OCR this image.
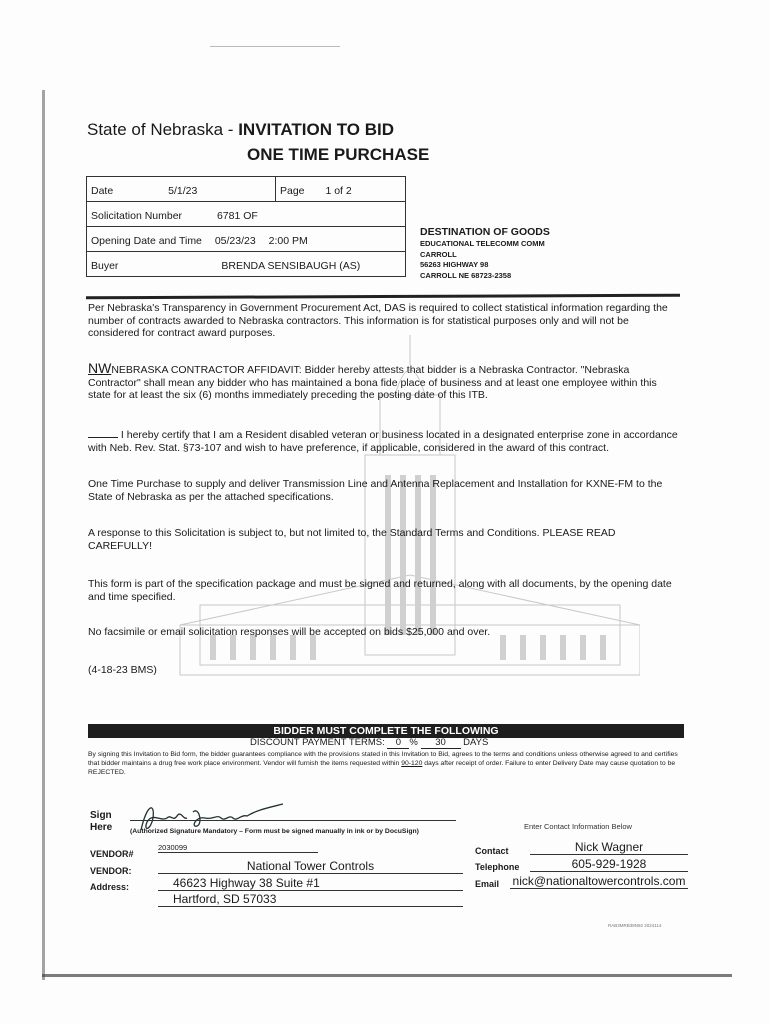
State of Nebraska - INVITATION TO BID
ONE TIME PURCHASE
Date	5/1/23	Page 1 of 2
Solicitation Number	6781 OF
Opening Date and Time 05/23/23 2:00 PM
Buyer	BRENDA SENSIBAUGH (AS)
DESTINATION OF GOODS
EDUCATIONAL TELECOMM COMM
CARROLL
56263 HIGHWAY 98
CARROLL NE 68723-2358
Per Nebraska's Transparency in Government Procurement Act, DAS is required to collect statistical information regarding the number of contracts awarded to Nebraska contractors. This information is for statistical purposes only and will not be considered for contract award purposes.
NWNEBRASKA CONTRACTOR AFFIDAVIT: Bidder hereby attests that bidder is a Nebraska Contractor. "Nebraska Contractor" shall mean any bidder who has maintained a bona fide place of business and at least one employee within this state for at least the six (6) months immediately preceding the posting date of this ITB.
I hereby certify that I am a Resident disabled veteran or business located in a designated enterprise zone in accordance with Neb. Rev. Stat. §73-107 and wish to have preference, if applicable, considered in the award of this contract.
One Time Purchase to supply and deliver Transmission Line and Antenna Replacement and Installation for KXNE-FM to the State of Nebraska as per the attached specifications.
A response to this Solicitation is subject to, but not limited to, the Standard Terms and Conditions. PLEASE READ CAREFULLY!
This form is part of the specification package and must be signed and returned, along with all documents, by the opening date and time specified.
No facsimile or email solicitation responses will be accepted on bids $25,000 and over.
(4-18-23 BMS)
BIDDER MUST COMPLETE THE FOLLOWING
DISCOUNT PAYMENT TERMS: 0 % 30 DAYS
By signing this Invitation to Bid form, the bidder guarantees compliance with the provisions stated in this Invitation to Bid, agrees to the terms and conditions unless otherwise agreed to and certifies that bidder maintains a drug free work place environment. Vendor will furnish the items requested within 90-120 days after receipt of order. Failure to enter Delivery Date may cause quotation to be REJECTED.
Sign
Here	(Authorized Signature Mandatory – Form must be signed manually in ink or by DocuSign)
Enter Contact Information Below
VENDOR#
2030099
VENDOR:	National Tower Controls
Address:	46623 Highway 38 Suite #1
Hartford, SD 57033
Contact	Nick Wagner
Telephone	605-929-1928
Email nick@nationaltowercontrols.com
RAB3MRB38N92 2024114
